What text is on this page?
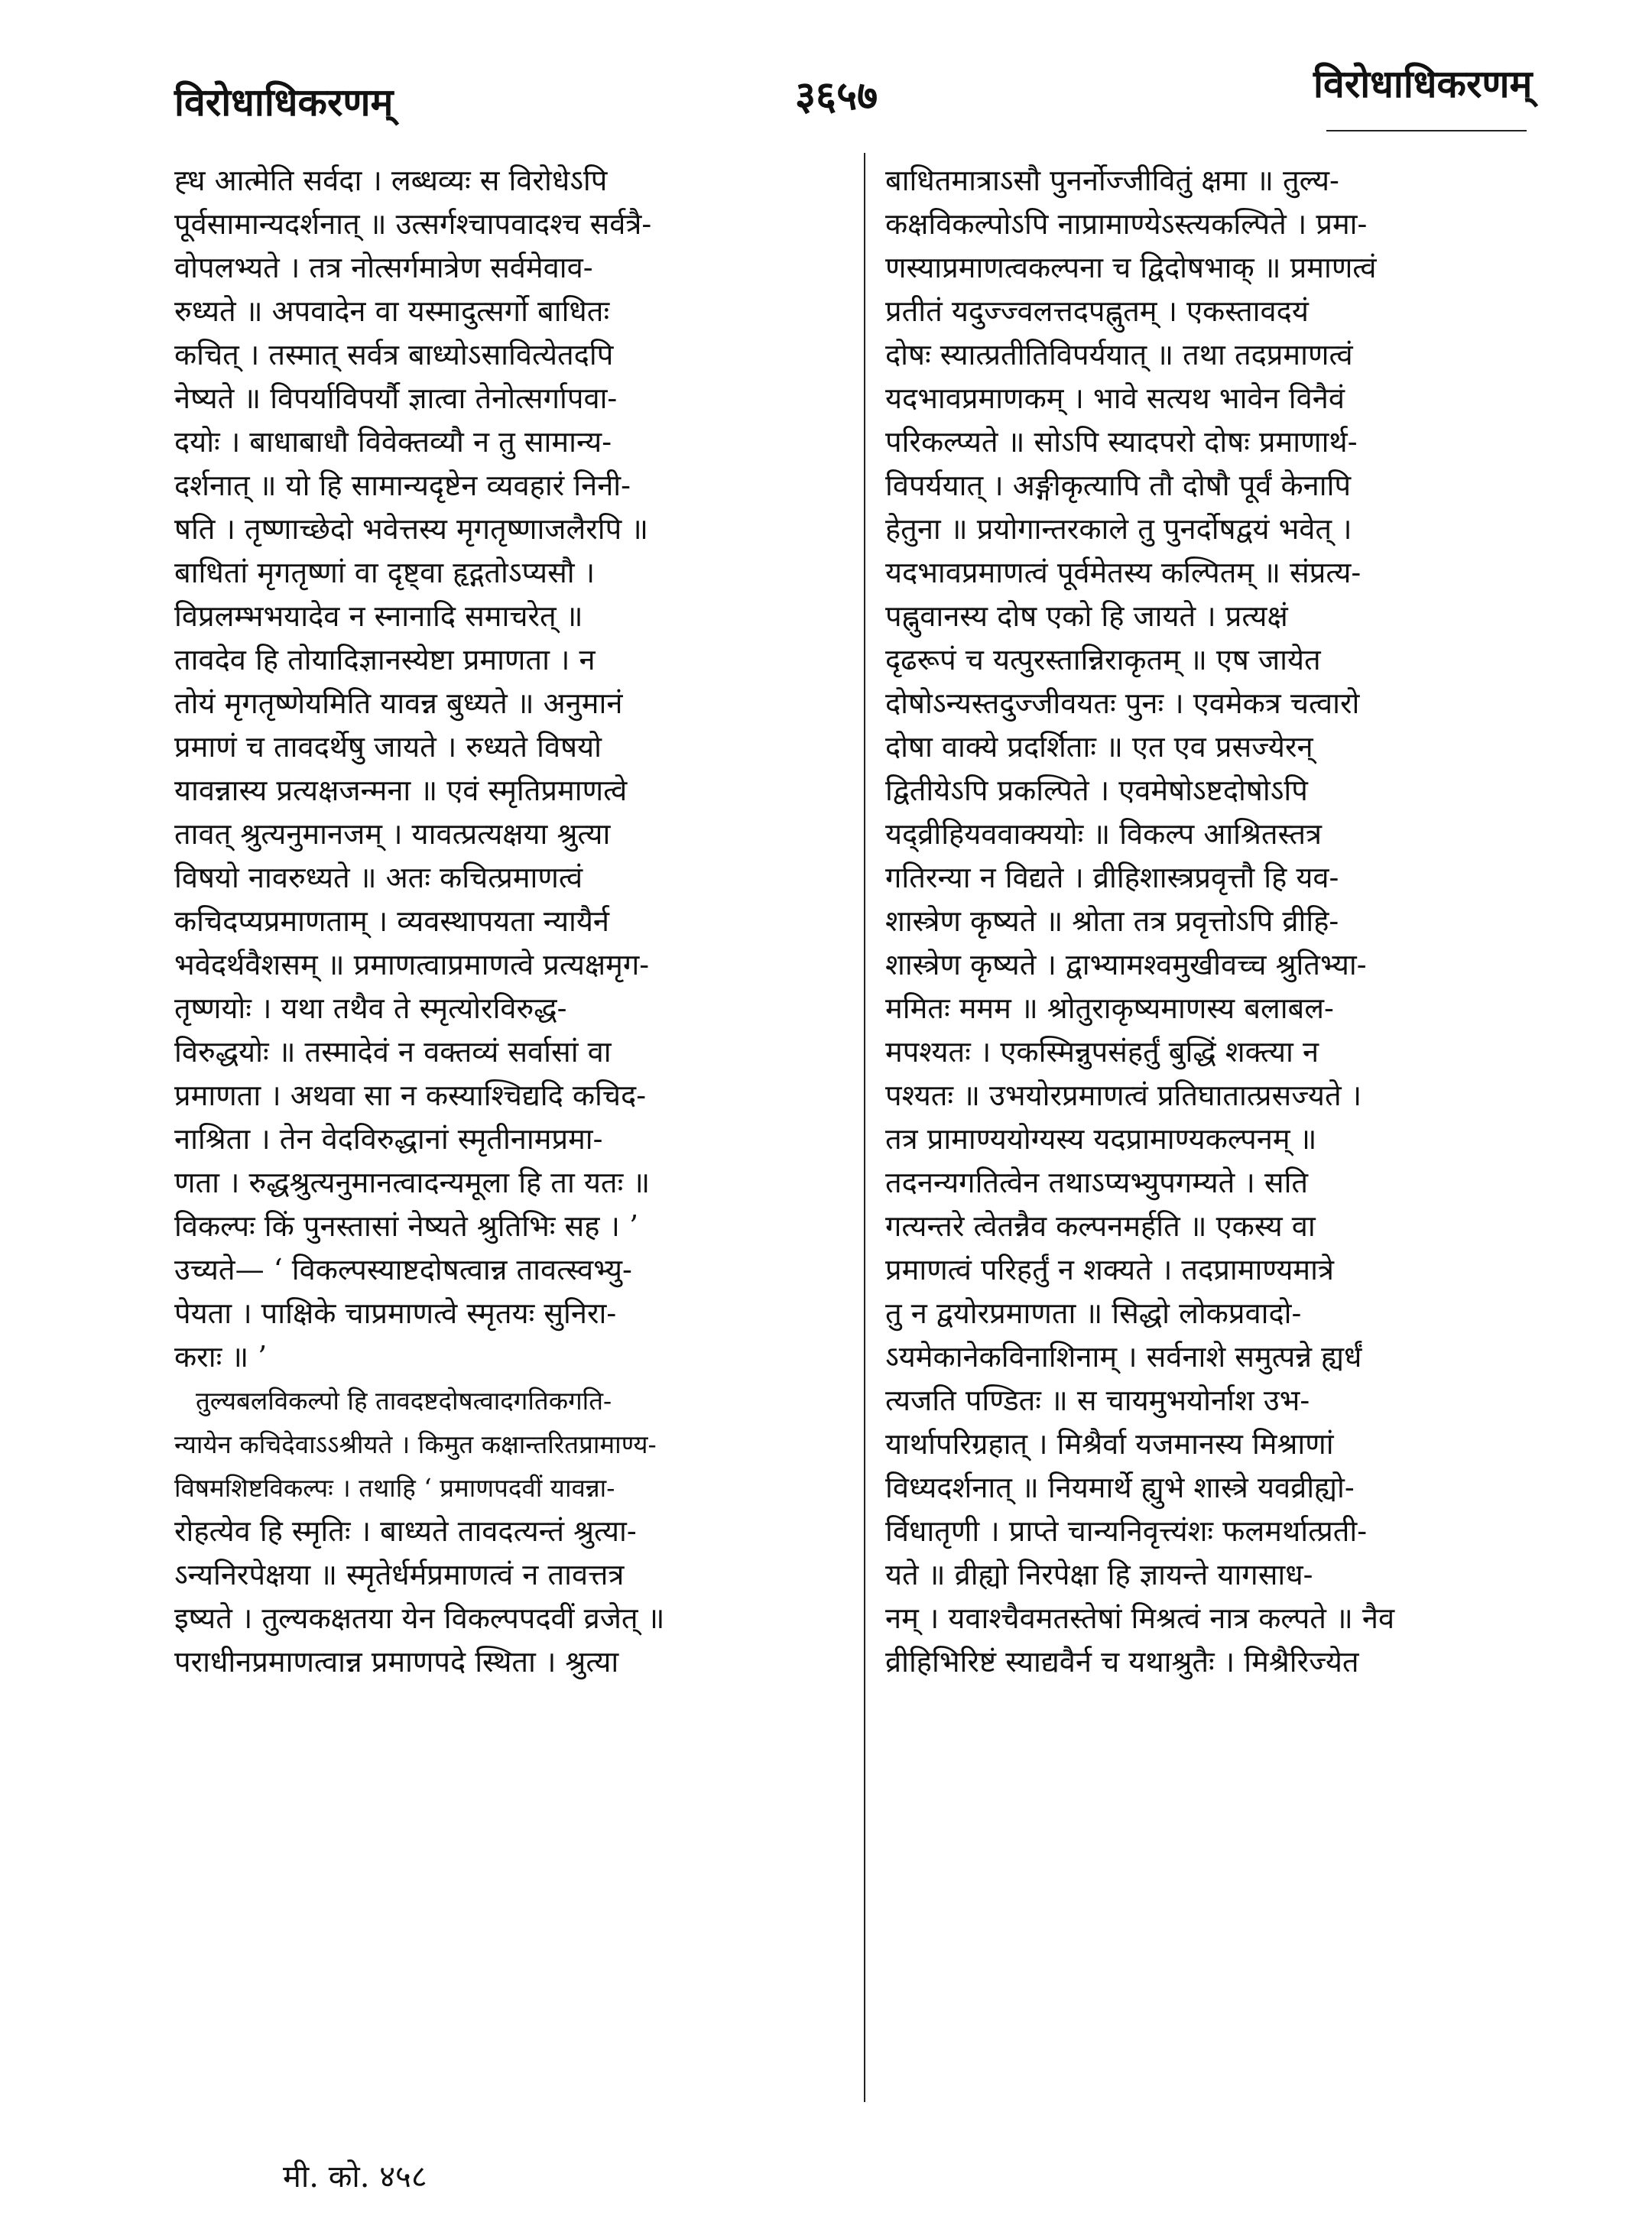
विरोधाधिकरणम्	३६५७	विरोधाधिकरणम्
ह्ध आत्मेति सर्वदा । लब्धव्यः स विरोधेऽपि
पूर्वसामान्यदर्शनात् ॥ उत्सर्गश्चापवादश्च सर्वत्रै-
वोपलभ्यते । तत्र नोत्सर्गमात्रेण सर्वमेवाव-
रुध्यते ॥ अपवादेन वा यस्मादुत्सर्गो बाधितः
कचित् । तस्मात् सर्वत्र बाध्योऽसावित्येतदपि
नेष्यते ॥ विपर्याविपर्यौ ज्ञात्वा तेनोत्सर्गापवा-
दयोः । बाधाबाधौ विवेक्तव्यौ न तु सामान्य-
दर्शनात् ॥ यो हि सामान्यदृष्टेन व्यवहारं निनी-
षति । तृष्णाच्छेदो भवेत्तस्य मृगतृष्णाजलैरपि ॥
बाधितां मृगतृष्णां वा दृष्ट्वा हृद्गतोऽप्यसौ ।
विप्रलम्भभयादेव न स्नानादि समाचरेत् ॥
तावदेव हि तोयादिज्ञानस्येष्टा प्रमाणता । न
तोयं मृगतृष्णेयमिति यावन्न बुध्यते ॥ अनुमानं
प्रमाणं च तावदर्थेषु जायते । रुध्यते विषयो
यावन्नास्य प्रत्यक्षजन्मना ॥ एवं स्मृतिप्रमाणत्वे
तावत् श्रुत्यनुमानजम् । यावत्प्रत्यक्षया श्रुत्या
विषयो नावरुध्यते ॥ अतः कचित्प्रमाणत्वं
कचिदप्यप्रमाणताम् । व्यवस्थापयता न्यायैर्न
भवेदर्थवैशसम् ॥ प्रमाणत्वाप्रमाणत्वे प्रत्यक्षमृग-
तृष्णयोः । यथा तथैव ते स्मृत्योरविरुद्ध-
विरुद्धयोः ॥ तस्मादेवं न वक्तव्यं सर्वासां वा
प्रमाणता । अथवा सा न कस्याश्चिद्यदि कचिद-
नाश्रिता । तेन वेदविरुद्धानां स्मृतीनामप्रमा-
णता । रुद्धश्रुत्यनुमानत्वादन्यमूला हि ता यतः ॥
विकल्पः किं पुनस्तासां नेष्यते श्रुतिभिः सह । ’
उच्यते— ‘ विकल्पस्याष्टदोषत्वान्न तावत्स्वभ्यु-
पेयता । पाक्षिके चाप्रमाणत्वे स्मृतयः सुनिरा-
कराः ॥ ’
तुल्यबलविकल्पो हि तावदष्टदोषत्वादगतिकगति-
न्यायेन कचिदेवाऽऽश्रीयते । किमुत कक्षान्तरितप्रामाण्य-
विषमशिष्टविकल्पः । तथाहि ‘ प्रमाणपदवीं यावन्ना-
रोहत्येव हि स्मृतिः । बाध्यते तावदत्यन्तं श्रुत्या-
ऽन्यनिरपेक्षया ॥ स्मृतेर्धर्मप्रमाणत्वं न तावत्तत्र
इष्यते । तुल्यकक्षतया येन विकल्पपदवीं व्रजेत् ॥
पराधीनप्रमाणत्वान्न प्रमाणपदे स्थिता । श्रुत्या
बाधितमात्राऽसौ पुनर्नोज्जीवितुं क्षमा ॥ तुल्य-
कक्षविकल्पोऽपि नाप्रामाण्येऽस्त्यकल्पिते । प्रमा-
णस्याप्रमाणत्वकल्पना च द्विदोषभाक् ॥ प्रमाणत्वं
प्रतीतं यदुज्ज्वलत्तदपह्नुतम् । एकस्तावदयं
दोषः स्यात्प्रतीतिविपर्ययात् ॥ तथा तदप्रमाणत्वं
यदभावप्रमाणकम् । भावे सत्यथ भावेन विनैवं
परिकल्प्यते ॥ सोऽपि स्यादपरो दोषः प्रमाणार्थ-
विपर्ययात् । अङ्गीकृत्यापि तौ दोषौ पूर्वं केनापि
हेतुना ॥ प्रयोगान्तरकाले तु पुनर्दोषद्वयं भवेत् ।
यदभावप्रमाणत्वं पूर्वमेतस्य कल्पितम् ॥ संप्रत्य-
पह्नुवानस्य दोष एको हि जायते । प्रत्यक्षं
दृढरूपं च यत्पुरस्तान्निराकृतम् ॥ एष जायेत
दोषोऽन्यस्तदुज्जीवयतः पुनः । एवमेकत्र चत्वारो
दोषा वाक्ये प्रदर्शिताः ॥ एत एव प्रसज्येरन्
द्वितीयेऽपि प्रकल्पिते । एवमेषोऽष्टदोषोऽपि
यद्व्रीहियववाक्ययोः ॥ विकल्प आश्रितस्तत्र
गतिरन्या न विद्यते । व्रीहिशास्त्रप्रवृत्तौ हि यव-
शास्त्रेण कृष्यते ॥ श्रोता तत्र प्रवृत्तोऽपि व्रीहि-
शास्त्रेण कृष्यते । द्वाभ्यामश्वमुखीवच्च श्रुतिभ्या-
ममितः ममम ॥ श्रोतुराकृष्यमाणस्य बलाबल-
मपश्यतः । एकस्मिन्नुपसंहर्तुं बुद्धिं शक्त्या न
पश्यतः ॥ उभयोरप्रमाणत्वं प्रतिघातात्प्रसज्यते ।
तत्र प्रामाण्ययोग्यस्य यदप्रामाण्यकल्पनम् ॥
तदनन्यगतित्वेन तथाऽप्यभ्युपगम्यते । सति
गत्यन्तरे त्वेतन्नैव कल्पनमर्हति ॥ एकस्य वा
प्रमाणत्वं परिहर्तुं न शक्यते । तदप्रामाण्यमात्रे
तु न द्वयोरप्रमाणता ॥ सिद्धो लोकप्रवादो-
ऽयमेकानेकविनाशिनाम् । सर्वनाशे समुत्पन्ने ह्यर्धं
त्यजति पण्डितः ॥ स चायमुभयोर्नाश उभ-
यार्थापरिग्रहात् । मिश्रैर्वा यजमानस्य मिश्राणां
विध्यदर्शनात् ॥ नियमार्थे ह्युभे शास्त्रे यवव्रीह्यो-
र्विधातृणी । प्राप्ते चान्यनिवृत्त्यंशः फलमर्थात्प्रती-
यते ॥ व्रीह्यो निरपेक्षा हि ज्ञायन्ते यागसाध-
नम् । यवाश्चैवमतस्तेषां मिश्रत्वं नात्र कल्पते ॥ नैव
व्रीहिभिरिष्टं स्याद्यवैर्न च यथाश्रुतैः । मिश्रैरिज्येत
मी. को. ४५८
